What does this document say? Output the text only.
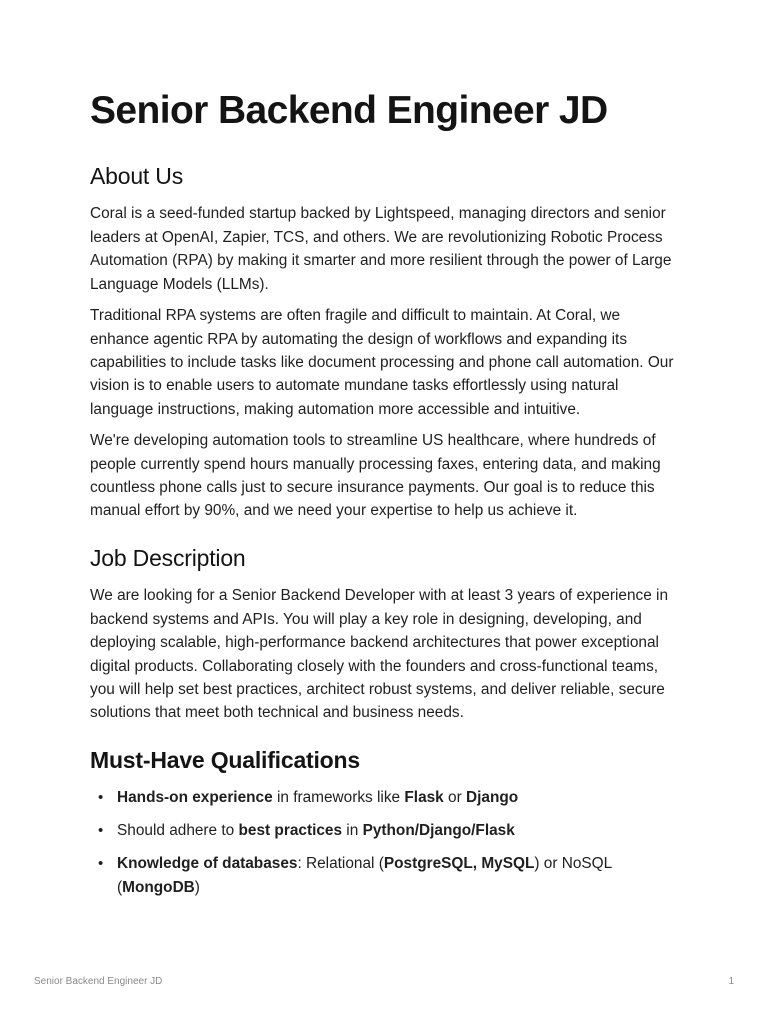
Senior Backend Engineer JD
About Us

Coral is a seed-funded startup backed by Lightspeed, managing directors and senior leaders at OpenAI, Zapier, TCS, and others. We are revolutionizing Robotic Process Automation (RPA) by making it smarter and more resilient through the power of Large Language Models (LLMs).

Traditional RPA systems are often fragile and difficult to maintain. At Coral, we enhance agentic RPA by automating the design of workflows and expanding its capabilities to include tasks like document processing and phone call automation. Our vision is to enable users to automate mundane tasks effortlessly using natural language instructions, making automation more accessible and intuitive.

We're developing automation tools to streamline US healthcare, where hundreds of people currently spend hours manually processing faxes, entering data, and making countless phone calls just to secure insurance payments. Our goal is to reduce this manual effort by 90%, and we need your expertise to help us achieve it.

Job Description

We are looking for a Senior Backend Developer with at least 3 years of experience in backend systems and APIs. You will play a key role in designing, developing, and deploying scalable, high-performance backend architectures that power exceptional digital products. Collaborating closely with the founders and cross-functional teams, you will help set best practices, architect robust systems, and deliver reliable, secure solutions that meet both technical and business needs.

Must-Have Qualifications
• Hands-on experience in frameworks like Flask or Django
• Should adhere to best practices in Python/Django/Flask
• Knowledge of databases: Relational (PostgreSQL, MySQL) or NoSQL (MongoDB)
Senior Backend Engineer JD	1
